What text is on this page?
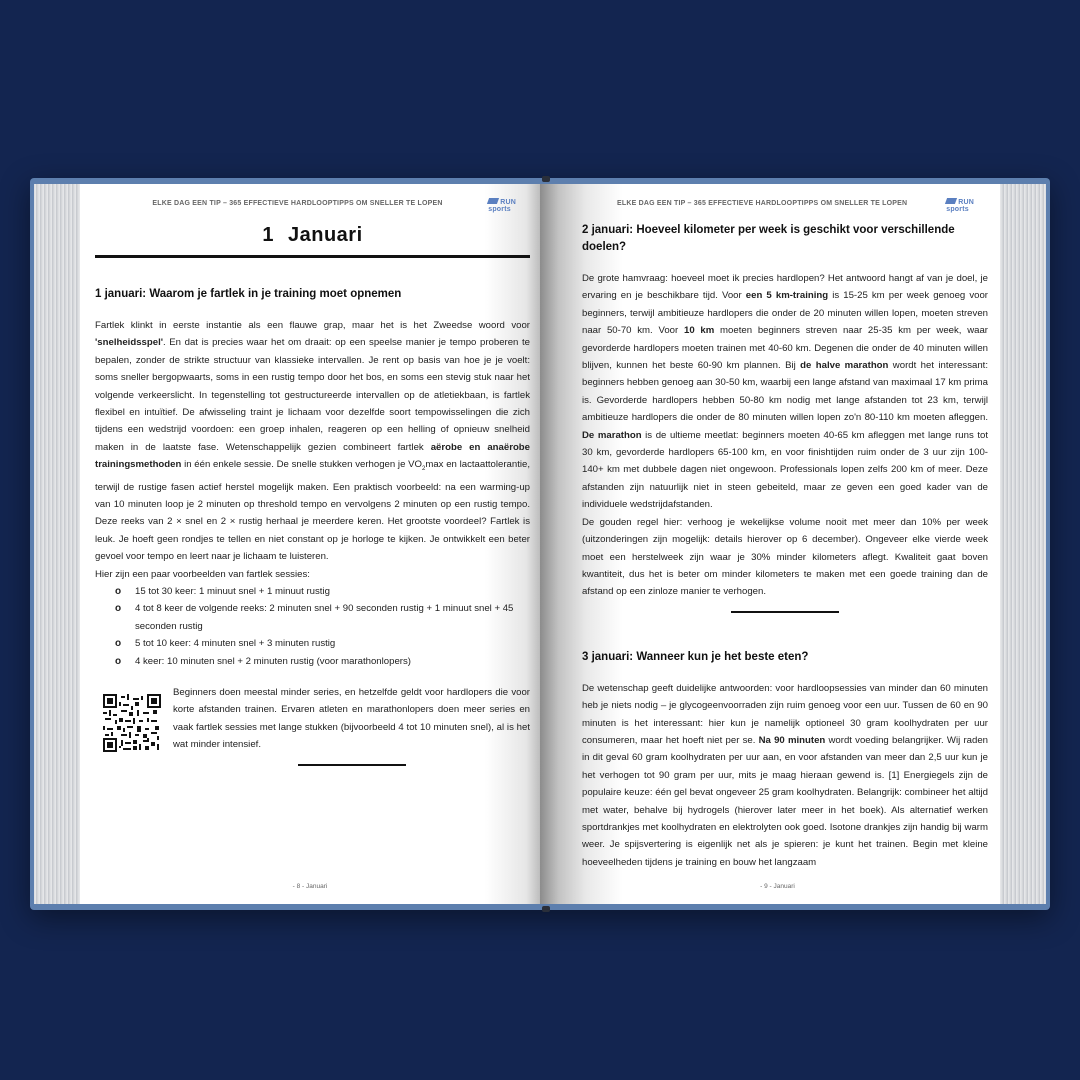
ELKE DAG EEN TIP – 365 EFFECTIEVE HARDLOOPTIPPS OM SNELLER TE LOPEN	RUN
sports
1 Januari
1 januari: Waarom je fartlek in je training moet opnemen

Fartlek klinkt in eerste instantie als een flauwe grap, maar het is het Zweedse woord voor 'snelheidsspel'. En dat is precies waar het om draait: op een speelse manier je tempo proberen te bepalen, zonder de strikte structuur van klassieke intervallen. Je rent op basis van hoe je je voelt: soms sneller bergopwaarts, soms in een rustig tempo door het bos, en soms een stevig stuk naar het volgende verkeerslicht. In tegenstelling tot gestructureerde intervallen op de atletiekbaan, is fartlek flexibel en intuïtief. De afwisseling traint je lichaam voor dezelfde soort tempowisselingen die zich tijdens een wedstrijd voordoen: een groep inhalen, reageren op een helling of opnieuw snelheid maken in de laatste fase. Wetenschappelijk gezien combineert fartlek aërobe en anaërobe trainingsmethoden in één enkele sessie. De snelle stukken verhogen je $VO_2\max$ en lactaattolerantie, terwijl de rustige fasen actief herstel mogelijk maken. Een praktisch voorbeeld: na een warming-up van 10 minuten loop je 2 minuten op threshold tempo en vervolgens 2 minuten op een rustig tempo. Deze reeks van 2 × snel en 2 × rustig herhaal je meerdere keren. Het grootste voordeel? Fartlek is leuk. Je hoeft geen rondjes te tellen en niet constant op je horloge te kijken. Je ontwikkelt een beter gevoel voor tempo en leert naar je lichaam te luisteren.

Hier zijn een paar voorbeelden van fartlek sessies:

o 15 tot 30 keer: 1 minuut snel + 1 minuut rustig
o 4 tot 8 keer de volgende reeks: 2 minuten snel + 90 seconden rustig + 1 minuut snel + 45 seconden rustig
o 5 tot 10 keer: 4 minuten snel + 3 minuten rustig
o 4 keer: 10 minuten snel + 2 minuten rustig (voor marathonlopers)

Beginners doen meestal minder series, en hetzelfde geldt voor hardlopers die voor korte afstanden trainen. Ervaren atleten en marathonlopers doen meer series en vaak fartlek sessies met lange stukken (bijvoorbeeld 4 tot 10 minuten snel), al is het wat minder intensief.

- 8 - Januari
ELKE DAG EEN TIP – 365 EFFECTIEVE HARDLOOPTIPPS OM SNELLER TE LOPEN	RUN
sports
2 januari: Hoeveel kilometer per week is geschikt voor verschillende doelen?

De grote hamvraag: hoeveel moet ik precies hardlopen? Het antwoord hangt af van je doel, je ervaring en je beschikbare tijd. Voor een 5 km-training is 15-25 km per week genoeg voor beginners, terwijl ambitieuze hardlopers die onder de 20 minuten willen lopen, moeten streven naar 50-70 km. Voor 10 km moeten beginners streven naar 25-35 km per week, waar gevorderde hardlopers moeten trainen met 40-60 km. Degenen die onder de 40 minuten willen blijven, kunnen het beste 60-90 km plannen. Bij de halve marathon wordt het interessant: beginners hebben genoeg aan 30-50 km, waarbij een lange afstand van maximaal 17 km prima is. Gevorderde hardlopers hebben 50-80 km nodig met lange afstanden tot 23 km, terwijl ambitieuze hardlopers die onder de 80 minuten willen lopen zo'n 80-110 km moeten afleggen. De marathon is de ultieme meetlat: beginners moeten 40-65 km afleggen met lange runs tot 30 km, gevorderde hardlopers 65-100 km, en voor finishtijden ruim onder de 3 uur zijn 100-140+ km met dubbele dagen niet ongewoon. Professionals lopen zelfs 200 km of meer. Deze afstanden zijn natuurlijk niet in steen gebeiteld, maar ze geven een goed kader van de individuele wedstrijdafstanden.

De gouden regel hier: verhoog je wekelijkse volume nooit met meer dan 10% per week (uitzonderingen zijn mogelijk: details hierover op 6 december). Ongeveer elke vierde week moet een herstelweek zijn waar je 30% minder kilometers aflegt. Kwaliteit gaat boven kwantiteit, dus het is beter om minder kilometers te maken met een goede training dan de afstand op een zinloze manier te verhogen.

3 januari: Wanneer kun je het beste eten?

De wetenschap geeft duidelijke antwoorden: voor hardloopsessies van minder dan 60 minuten heb je niets nodig – je glycogeenvoorraden zijn ruim genoeg voor een uur. Tussen de 60 en 90 minuten is het interessant: hier kun je namelijk optioneel 30 gram koolhydraten per uur consumeren, maar het hoeft niet per se. Na 90 minuten wordt voeding belangrijker. Wij raden in dit geval 60 gram koolhydraten per uur aan, en voor afstanden van meer dan 2,5 uur kun je het verhogen tot 90 gram per uur, mits je maag hieraan gewend is. [1] Energiegels zijn de populaire keuze: één gel bevat ongeveer 25 gram koolhydraten. Belangrijk: combineer het altijd met water, behalve bij hydrogels (hierover later meer in het boek). Als alternatief werken sportdrankjes met koolhydraten en elektrolyten ook goed. Isotone drankjes zijn handig bij warm weer. Je spijsvertering is eigenlijk net als je spieren: je kunt het trainen. Begin met kleine hoeveelheden tijdens je training en bouw het langzaam

- 9 - Januari
